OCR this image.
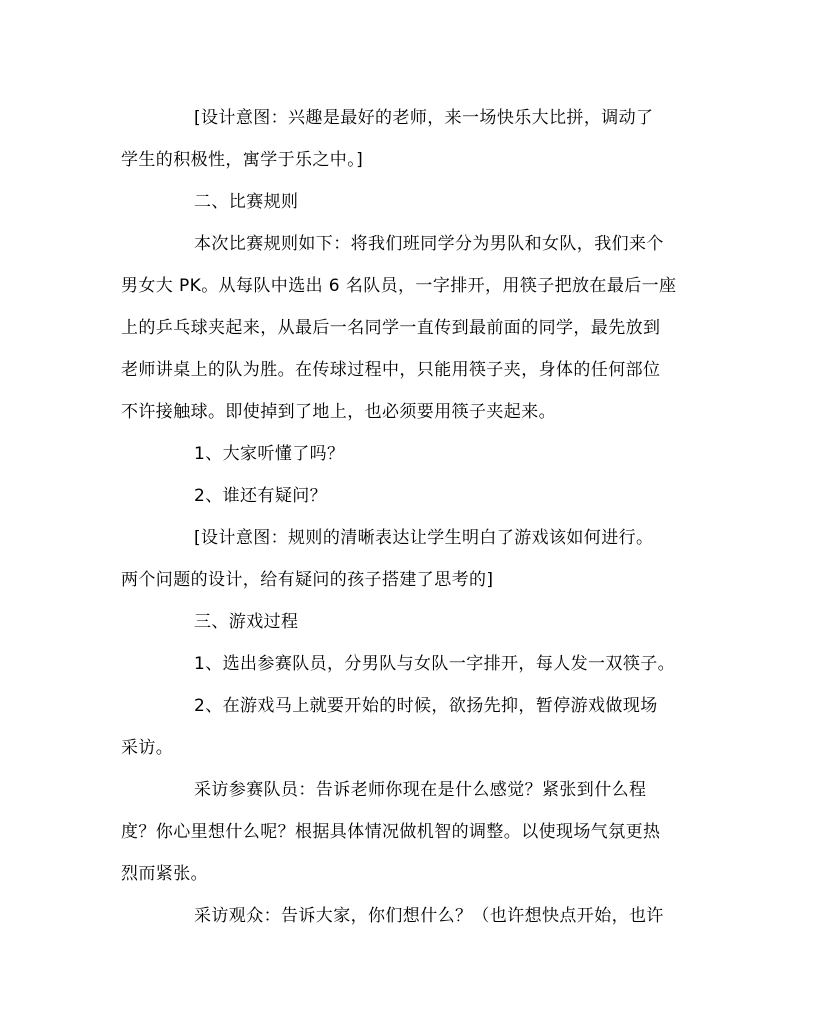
[设计意图：兴趣是最好的老师，来一场快乐大比拼，调动了
学生的积极性，寓学于乐之中。]
二、比赛规则
本次比赛规则如下：将我们班同学分为男队和女队，我们来个
男女大 PK。从每队中选出 6 名队员，一字排开，用筷子把放在最后一座
上的乒乓球夹起来，从最后一名同学一直传到最前面的同学，最先放到
老师讲桌上的队为胜。在传球过程中，只能用筷子夹，身体的任何部位
不许接触球。即使掉到了地上，也必须要用筷子夹起来。
1、大家听懂了吗？
2、谁还有疑问？
[设计意图：规则的清晰表达让学生明白了游戏该如何进行。
两个问题的设计，给有疑问的孩子搭建了思考的]
三、游戏过程
1、选出参赛队员，分男队与女队一字排开，每人发一双筷子。
2、在游戏马上就要开始的时候，欲扬先抑，暂停游戏做现场
采访。
采访参赛队员：告诉老师你现在是什么感觉？紧张到什么程
度？你心里想什么呢？根据具体情况做机智的调整。以使现场气氛更热
烈而紧张。
采访观众：告诉大家，你们想什么？（也许想快点开始，也许
